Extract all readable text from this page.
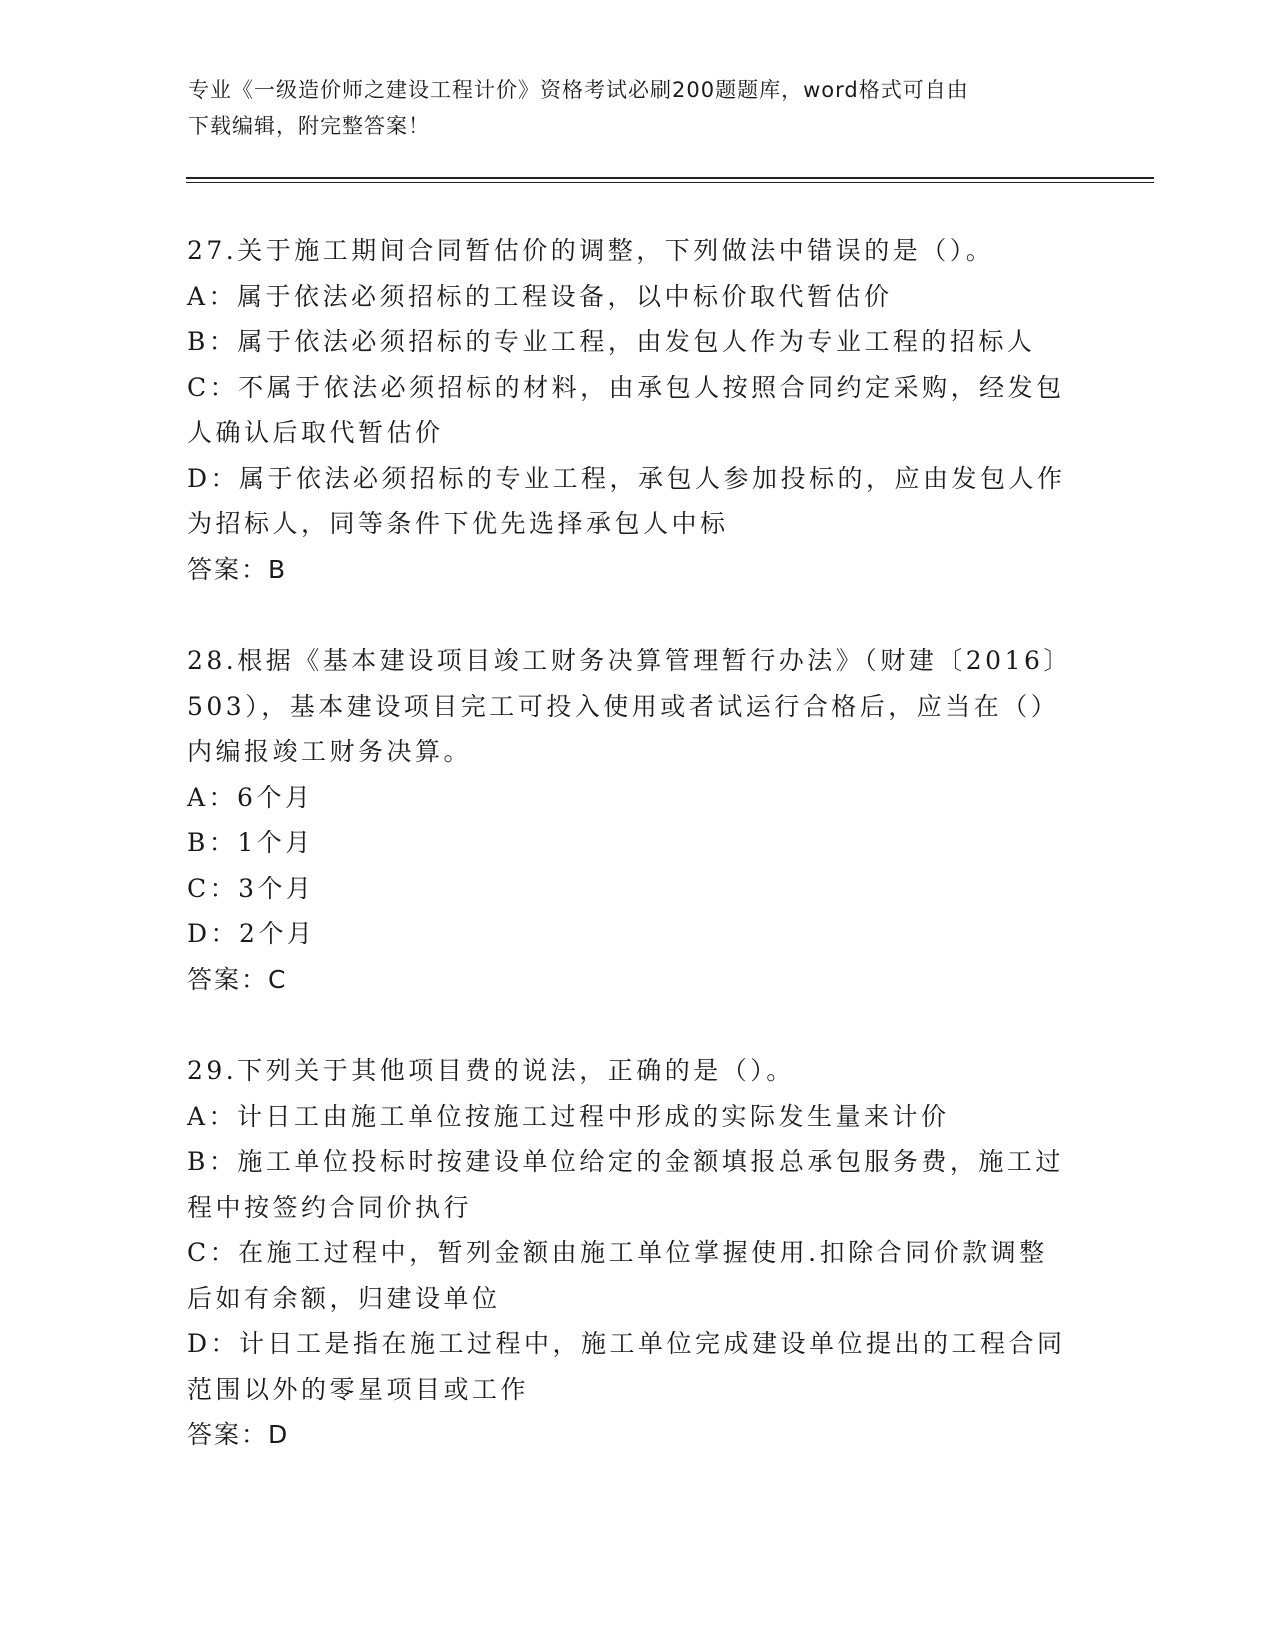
专业《一级造价师之建设工程计价》资格考试必刷200题题库，word格式可自由
下载编辑，附完整答案！
27.关于施工期间合同暂估价的调整，下列做法中错误的是（）。
A：属于依法必须招标的工程设备，以中标价取代暂估价
B：属于依法必须招标的专业工程，由发包人作为专业工程的招标人
C：不属于依法必须招标的材料，由承包人按照合同约定采购，经发包
人确认后取代暂估价
D：属于依法必须招标的专业工程，承包人参加投标的，应由发包人作
为招标人，同等条件下优先选择承包人中标
答案：B
28.根据《基本建设项目竣工财务决算管理暂行办法》（财建〔2016〕
503），基本建设项目完工可投入使用或者试运行合格后，应当在（）
内编报竣工财务决算。
A：6个月
B：1个月
C：3个月
D：2个月
答案：C
29.下列关于其他项目费的说法，正确的是（）。
A：计日工由施工单位按施工过程中形成的实际发生量来计价
B：施工单位投标时按建设单位给定的金额填报总承包服务费，施工过
程中按签约合同价执行
C：在施工过程中，暂列金额由施工单位掌握使用.扣除合同价款调整
后如有余额，归建设单位
D：计日工是指在施工过程中，施工单位完成建设单位提出的工程合同
范围以外的零星项目或工作
答案：D
